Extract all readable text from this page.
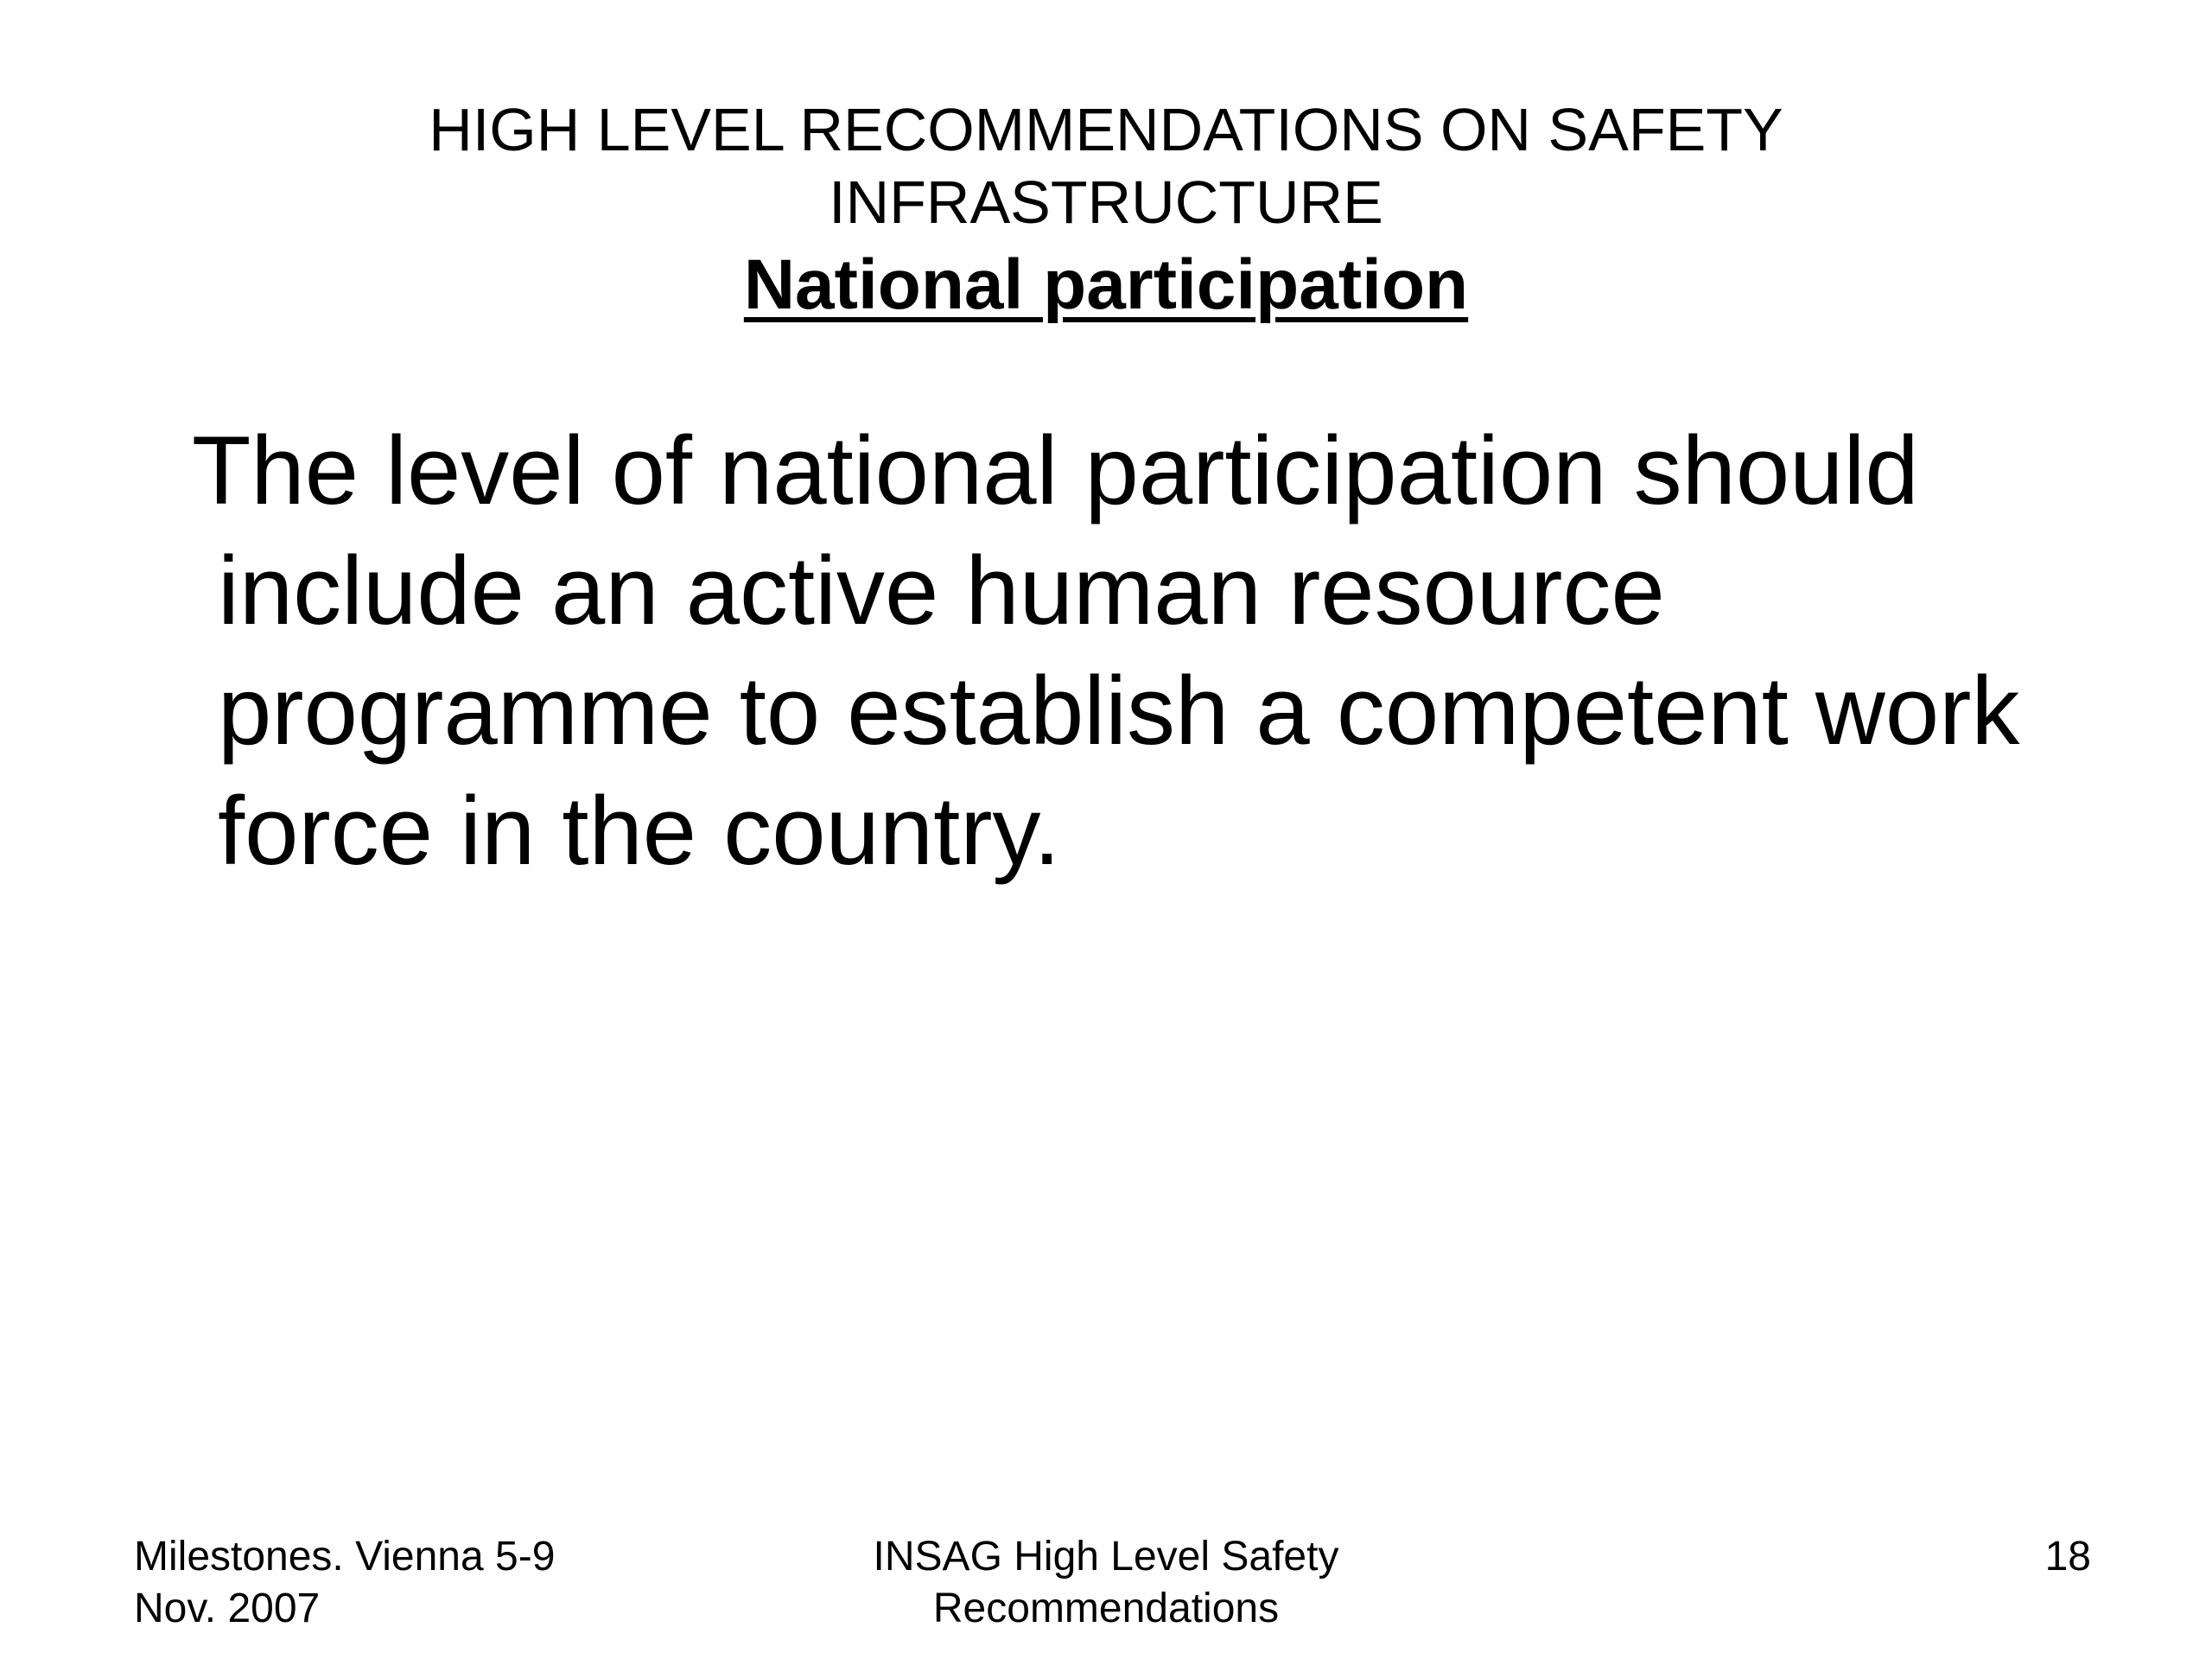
HIGH LEVEL RECOMMENDATIONS ON SAFETY
INFRASTRUCTURE
National participation

The level of national participation should include an active human resource programme to establish a competent work force in the country.

Milestones. Vienna 5-9
Nov. 2007
INSAG High Level Safety
Recommendations
18
